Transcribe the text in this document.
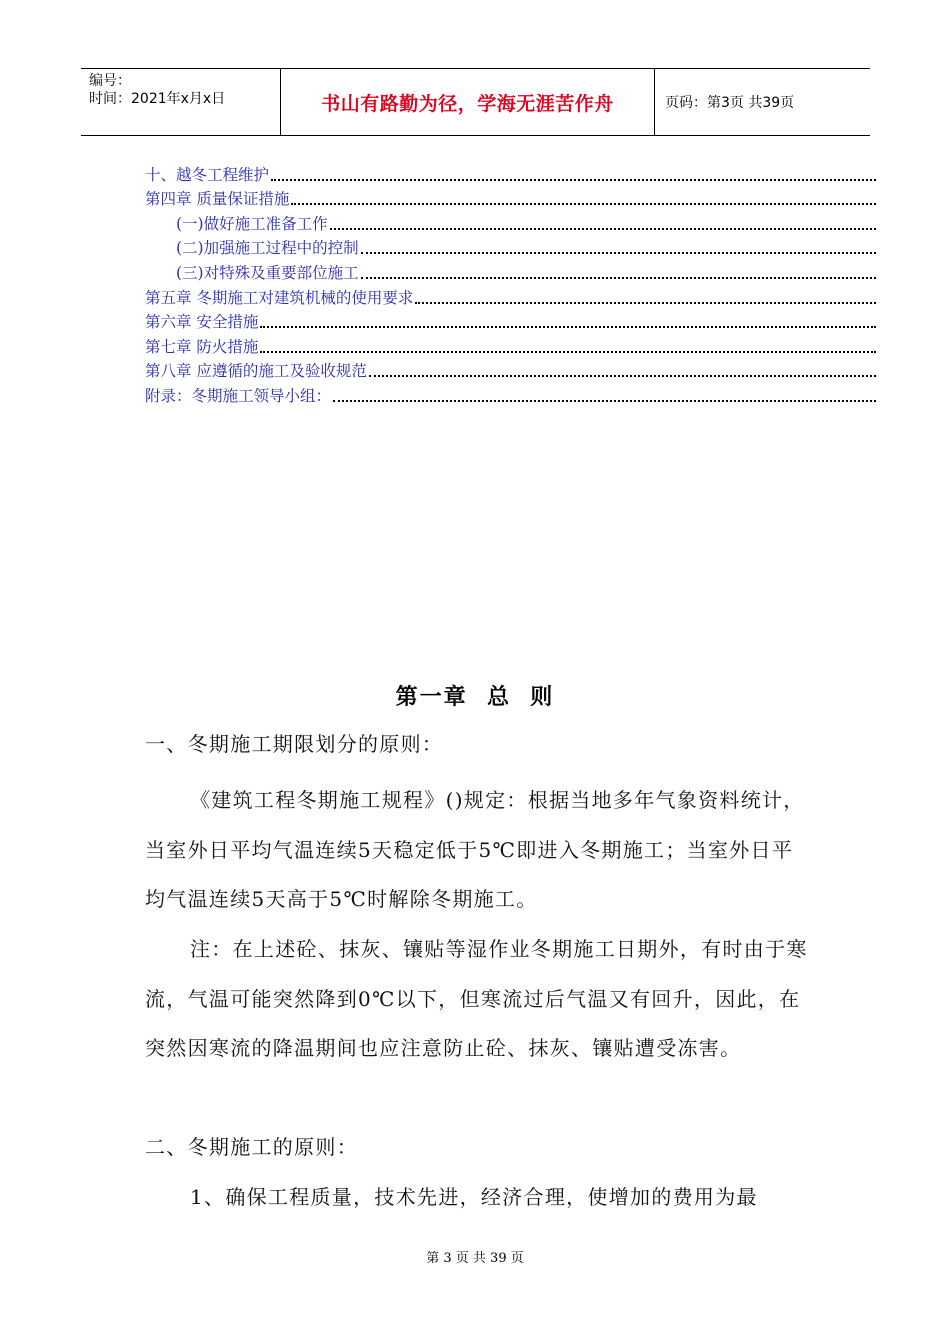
编号：
时间：2021年x月x日	书山有路勤为径，学海无涯苦作舟	页码：第3页 共39页
十、越冬工程维护
第四章 质量保证措施
(一)做好施工准备工作
(二)加强施工过程中的控制
(三)对特殊及重要部位施工
第五章 冬期施工对建筑机械的使用要求
第六章 安全措施
第七章 防火措施
第八章 应遵循的施工及验收规范
附录：冬期施工领导小组：
第一章  总  则

一、冬期施工期限划分的原则：

《建筑工程冬期施工规程》()规定：根据当地多年气象资料统计，当室外日平均气温连续5天稳定低于5℃即进入冬期施工；当室外日平均气温连续5天高于5℃时解除冬期施工。

注：在上述砼、抹灰、镶贴等湿作业冬期施工日期外，有时由于寒流，气温可能突然降到0℃以下，但寒流过后气温又有回升，因此，在突然因寒流的降温期间也应注意防止砼、抹灰、镶贴遭受冻害。

二、冬期施工的原则：

1、确保工程质量，技术先进，经济合理，使增加的费用为最

第 3 页 共 39 页
